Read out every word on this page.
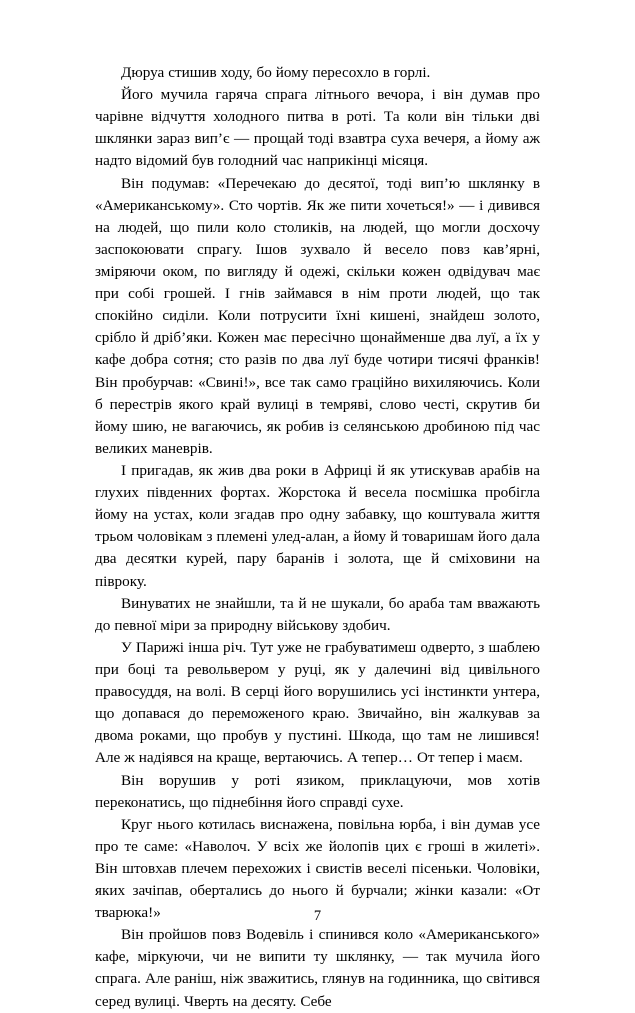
Дюруа стишив ходу, бо йому пересохло в горлі.

Його мучила гаряча спрага літнього вечора, і він думав про чарівне відчуття холодного питва в роті. Та коли він тільки дві шклянки зараз вип’є — прощай тоді взавтра суха вечеря, а йому аж надто відомий був голодний час наприкінці місяця.

Він подумав: «Перечекаю до десятої, тоді вип’ю шклянку в «Американському». Сто чортів. Як же пити хочеться!» — і дивився на людей, що пили коло столиків, на людей, що могли досхочу заспокоювати спрагу. Ішов зухвало й весело повз кав’ярні, зміряючи оком, по вигляду й одежі, скільки кожен одвідувач має при собі грошей. І гнів займався в нім проти людей, що так спокійно сиділи. Коли потрусити їхні кишені, знайдеш золото, срібло й дріб’яки. Кожен має пересічно щонайменше два луї, а їх у кафе добра сотня; сто разів по два луї буде чотири тисячі франків! Він пробурчав: «Свині!», все так само граційно вихиляючись. Коли б перестрів якого край вулиці в темряві, слово честі, скрутив би йому шию, не вагаючись, як робив із селянською дробиною під час великих маневрів.

І пригадав, як жив два роки в Африці й як утискував арабів на глухих південних фортах. Жорстока й весела посмішка пробігла йому на устах, коли згадав про одну забавку, що коштувала життя трьом чоловікам з племені улед-алан, а йому й товаришам його дала два десятки курей, пару баранів і золота, ще й сміховини на півроку.

Винуватих не знайшли, та й не шукали, бо араба там вважають до певної міри за природну військову здобич.

У Парижі інша річ. Тут уже не грабуватимеш одверто, з шаблею при боці та револьвером у руці, як у далечині від цивільного правосуддя, на волі. В серці його ворушились усі інстинкти унтера, що допавася до переможеного краю. Звичайно, він жалкував за двома роками, що пробув у пустині. Шкода, що там не лишився! Але ж надіявся на краще, вертаючись. А тепер… От тепер і маєм.

Він ворушив у роті язиком, приклацуючи, мов хотів переконатись, що піднебіння його справді сухе.

Круг нього котилась виснажена, повільна юрба, і він думав усе про те саме: «Наволоч. У всіх же йолопів цих є гроші в жилеті». Він штовхав плечем перехожих і свистів веселі пісеньки. Чоловіки, яких зачіпав, обертались до нього й бурчали; жінки казали: «От тварюка!»

Він пройшов повз Водевіль і спинився коло «Американського» кафе, міркуючи, чи не випити ту шклянку, — так мучила його спрага. Але раніш, ніж зважитись, глянув на годинника, що світився серед вулиці. Чверть на десяту. Себе

7
